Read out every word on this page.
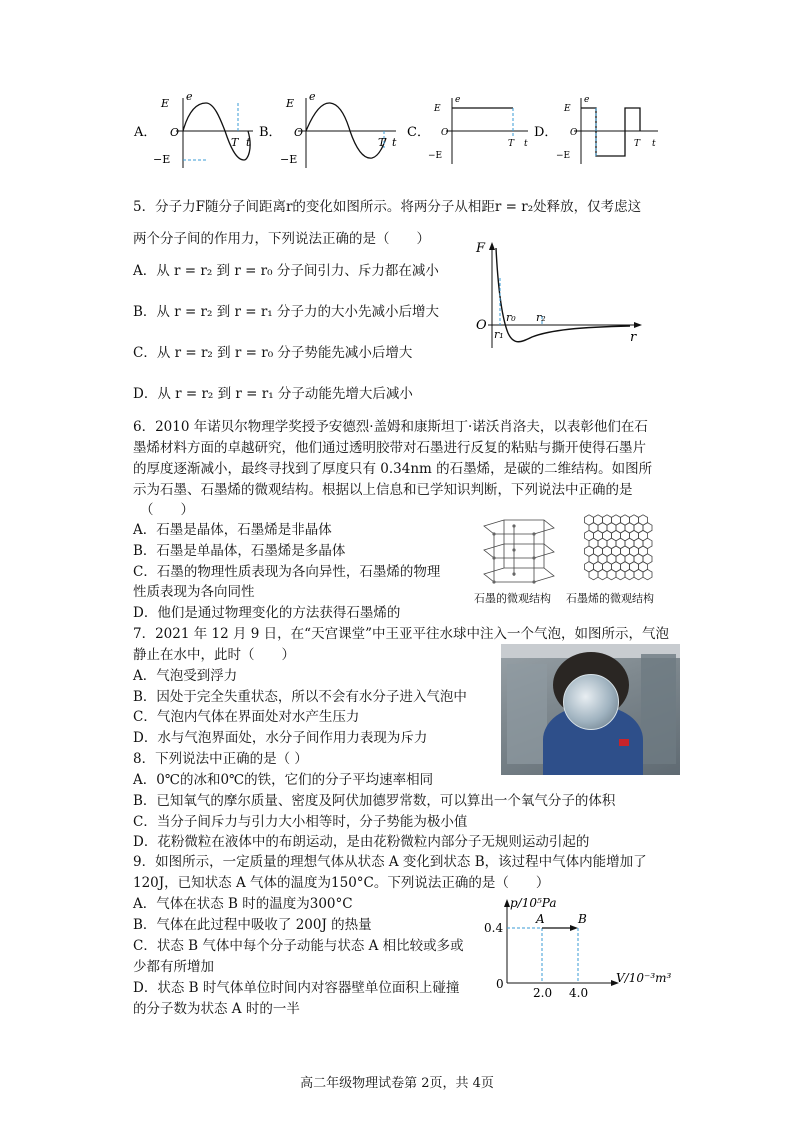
A．
E
e
O
−E
T t
B．
E
e
O
−E
T t
C．
E
e
O
−E
T t
D．
E
e
O
−E
T t
5．分子力F随分子间距离r的变化如图所示。将两分子从相距r = r₂处释放，仅考虑这
两个分子间的作用力，下列说法正确的是（　　）
A．从 r = r₂ 到 r = r₀ 分子间引力、斥力都在减小
B．从 r = r₂ 到 r = r₁ 分子力的大小先减小后增大
C．从 r = r₂ 到 r = r₀ 分子势能先减小后增大
D．从 r = r₂ 到 r = r₁ 分子动能先增大后减小
F
O
r
r₀
r₁
r₂
6．2010 年诺贝尔物理学奖授予安德烈·盖姆和康斯坦丁·诺沃肖洛夫，以表彰他们在石
墨烯材料方面的卓越研究，他们通过透明胶带对石墨进行反复的粘贴与撕开使得石墨片
的厚度逐渐减小，最终寻找到了厚度只有 0.34nm 的石墨烯，是碳的二维结构。如图所
示为石墨、石墨烯的微观结构。根据以上信息和已学知识判断，下列说法中正确的是
（　　）
A．石墨是晶体，石墨烯是非晶体
B．石墨是单晶体，石墨烯是多晶体
C．石墨的物理性质表现为各向异性，石墨烯的物理
性质表现为各向同性
D．他们是通过物理变化的方法获得石墨烯的
石墨的微观结构 石墨烯的微观结构
7．2021 年 12 月 9 日，在“天宫课堂”中王亚平往水球中注入一个气泡，如图所示，气泡
静止在水中，此时（　　）
A．气泡受到浮力
B．因处于完全失重状态，所以不会有水分子进入气泡中
C．气泡内气体在界面处对水产生压力
D．水与气泡界面处，水分子间作用力表现为斥力
8．下列说法中正确的是（ ）
A．0℃的冰和0℃的铁，它们的分子平均速率相同
B．已知氧气的摩尔质量、密度及阿伏加德罗常数，可以算出一个氧气分子的体积
C．当分子间斥力与引力大小相等时，分子势能为极小值
D．花粉微粒在液体中的布朗运动，是由花粉微粒内部分子无规则运动引起的
9．如图所示，一定质量的理想气体从状态 A 变化到状态 B，该过程中气体内能增加了
120J，已知状态 A 气体的温度为150°C。下列说法正确的是（　　）
A．气体在状态 B 时的温度为300°C
B．气体在此过程中吸收了 200J 的热量
C．状态 B 气体中每个分子动能与状态 A 相比较或多或
少都有所增加
D．状态 B 时气体单位时间内对容器壁单位面积上碰撞
的分子数为状态 A 时的一半
p/10⁵Pa
0.4
0
2.0 4.0
A	B
V/10⁻³m³
高二年级物理试卷第 2页，共 4页
